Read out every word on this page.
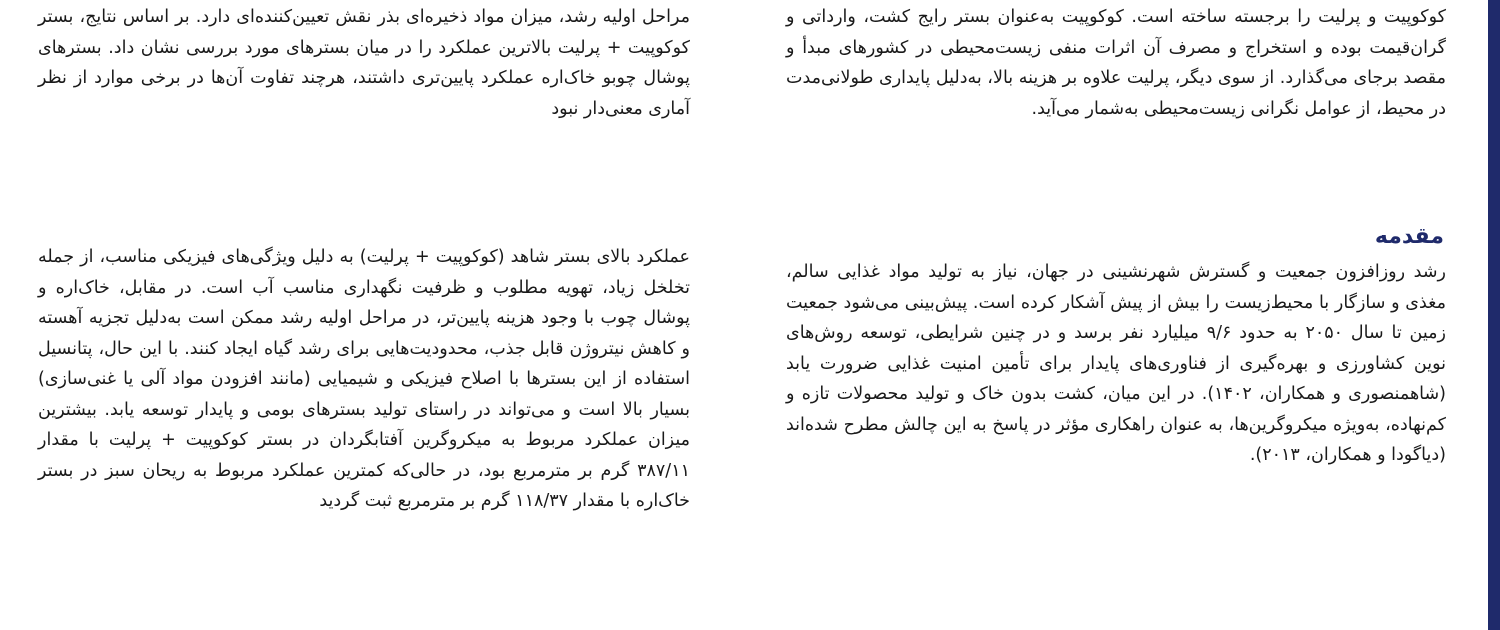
مراحل اولیه رشد، میزان مواد ذخیره‌ای بذر نقش تعیین‌کننده‌ای دارد. بر اساس نتایج، بستر کوکوپیت + پرلیت بالاترین عملکرد را در میان بسترهای مورد بررسی نشان داد. بسترهای پوشال چوبو خاک‌اره عملکرد پایین‌تری داشتند، هرچند تفاوت آن‌ها در برخی موارد از نظر آماری معنی‌دار نبود

عملکرد بالای بستر شاهد (کوکوپیت + پرلیت) به دلیل ویژگی‌های فیزیکی مناسب، از جمله تخلخل زیاد، تهویه مطلوب و ظرفیت نگهداری مناسب آب است. در مقابل، خاک‌اره و پوشال چوب با وجود هزینه پایین‌تر، در مراحل اولیه رشد ممکن است به‌دلیل تجزیه آهسته و کاهش نیتروژن قابل جذب، محدودیت‌هایی برای رشد گیاه ایجاد کنند. با این حال، پتانسیل استفاده از این بسترها با اصلاح فیزیکی و شیمیایی (مانند افزودن مواد آلی یا غنی‌سازی) بسیار بالا است و می‌تواند در راستای تولید بسترهای بومی و پایدار توسعه یابد. بیشترین میزان عملکرد مربوط به میکروگرین آفتابگردان در بستر کوکوپیت + پرلیت با مقدار ۳۸۷/۱۱ گرم بر مترمربع بود، در حالی‌که کمترین عملکرد مربوط به ریحان سبز در بستر خاک‌اره با مقدار ۱۱۸/۳۷ گرم بر مترمربع ثبت گردید

کوکوپیت و پرلیت را برجسته ساخته است. کوکوپیت به‌عنوان بستر رایج کشت، وارداتی و گران‌قیمت بوده و استخراج و مصرف آن اثرات منفی زیست‌محیطی در کشورهای مبدأ و مقصد برجای می‌گذارد. از سوی دیگر، پرلیت علاوه بر هزینه بالا، به‌دلیل پایداری طولانی‌مدت در محیط، از عوامل نگرانی زیست‌محیطی به‌شمار می‌آید.

مقدمه

رشد روزافزون جمعیت و گسترش شهرنشینی در جهان، نیاز به تولید مواد غذایی سالم، مغذی و سازگار با محیط‌زیست را بیش از پیش آشکار کرده است. پیش‌بینی می‌شود جمعیت زمین تا سال ۲۰۵۰ به حدود ۹/۶ میلیارد نفر برسد و در چنین شرایطی، توسعه روش‌های نوین کشاورزی و بهره‌گیری از فناوری‌های پایدار برای تأمین امنیت غذایی ضرورت یابد (شاهمنصوری و همکاران، ۱۴۰۲). در این میان، کشت بدون خاک و تولید محصولات تازه و کم‌نهاده، به‌ویژه میکروگرین‌ها، به عنوان راهکاری مؤثر در پاسخ به این چالش مطرح شده‌اند (دیاگودا و همکاران، ۲۰۱۳).
